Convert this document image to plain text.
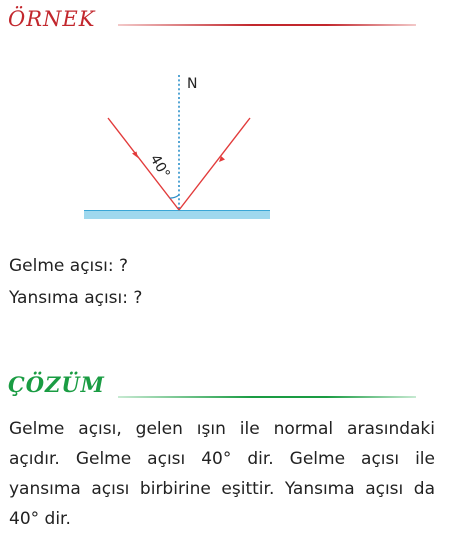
ÖRNEK
N
40°
Gelme açısı: ?
Yansıma açısı: ?
ÇÖZÜM

Gelme açısı, gelen ışın ile normal arasındaki açıdır. Gelme açısı 40° dir. Gelme açısı ile yansıma açısı birbirine eşittir. Yansıma açısı da 40° dir.
